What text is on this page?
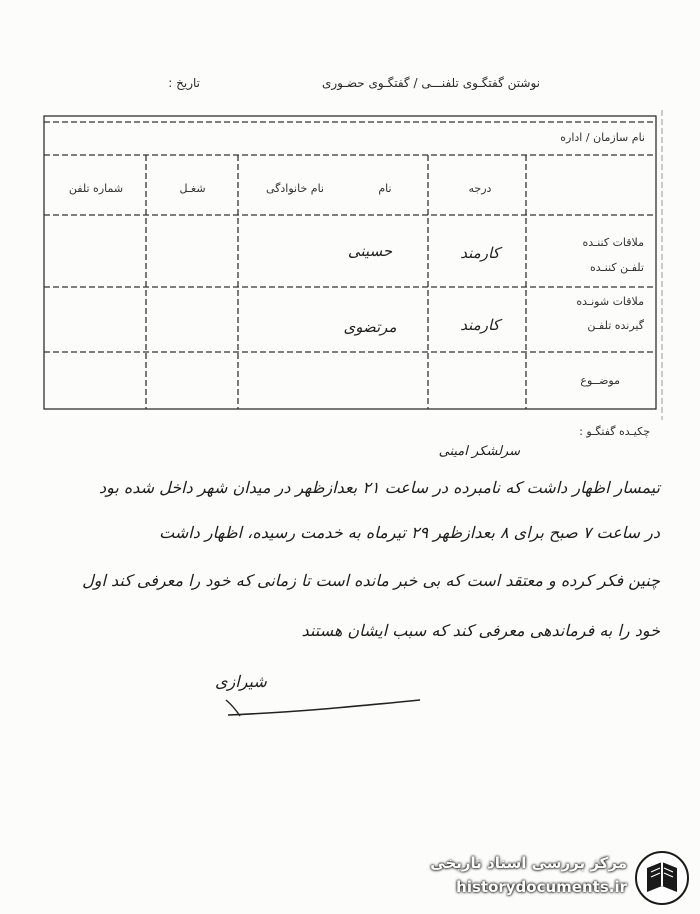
نوشتن گفتگـوی تلفنـــی / گفتگـوی حضـوری
تاریخ :
نام سازمان / اداره
درجه
نام
نام خانوادگی
شغـل
شماره تلفن
ملاقات کننـده
تلفـن کننـده
کارمند
حسینی
ملاقات شونـده
گیرنده تلفـن
کارمند
مرتضوی
موضــوع
چکیـده گفتگـو :
سرلشکر امینی
تیمسار اظهار داشت که نامبرده در ساعت ۲۱ بعدازظهر در میدان شهر داخل شده بود
در ساعت ۷ صبح برای ۸ بعدازظهر ۲۹ تیرماه به خدمت رسیده، اظهار داشت
چنین فکر کرده و معتقد است که بی خبر مانده است تا زمانی که خود را معرفی کند اول
خود را به فرماندهی معرفی کند که سبب ایشان هستند
شیرازی
مرکز بررسی اسناد تاریخی
historydocuments.ir
